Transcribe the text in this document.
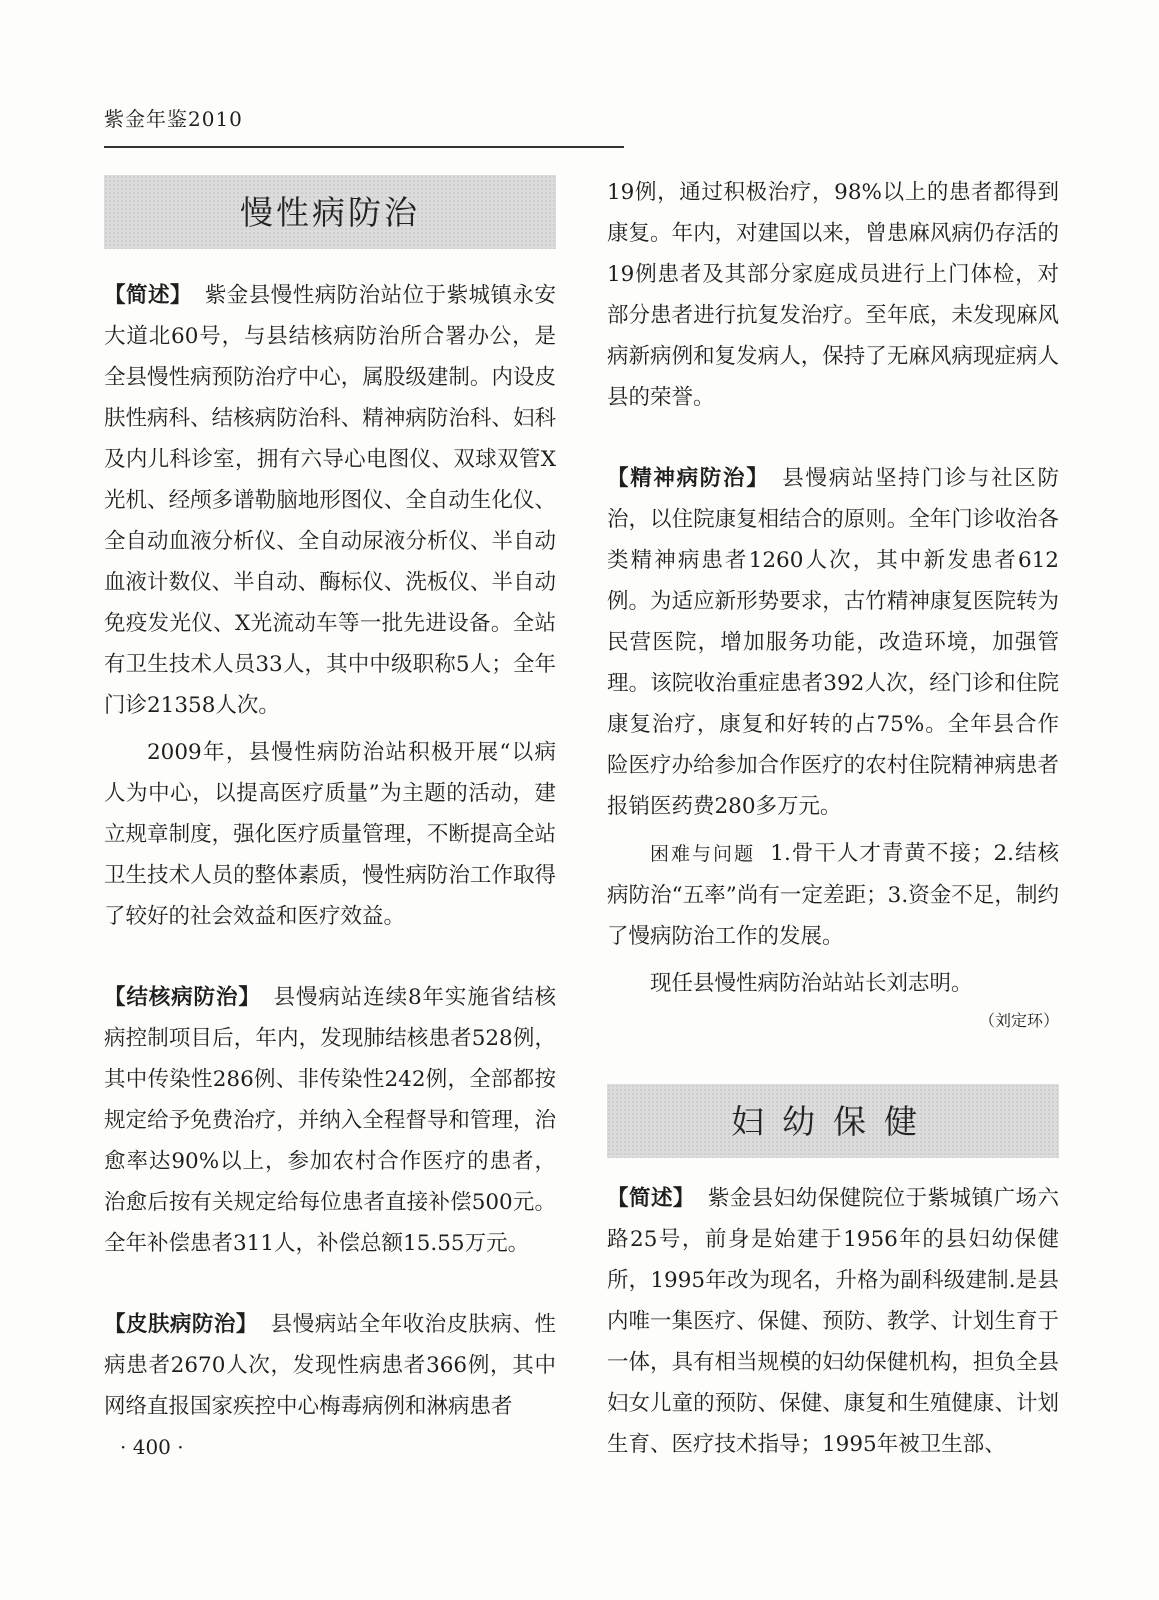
紫金年鉴2010
慢性病防治

【简述】 紫金县慢性病防治站位于紫城镇永安大道北60号，与县结核病防治所合署办公，是全县慢性病预防治疗中心，属股级建制。内设皮肤性病科、结核病防治科、精神病防治科、妇科及内儿科诊室，拥有六导心电图仪、双球双管X光机、经颅多谱勒脑地形图仪、全自动生化仪、全自动血液分析仪、全自动尿液分析仪、半自动血液计数仪、半自动、酶标仪、洗板仪、半自动免疫发光仪、X光流动车等一批先进设备。全站有卫生技术人员33人，其中中级职称5人；全年门诊21358人次。

2009年，县慢性病防治站积极开展“以病人为中心，以提高医疗质量”为主题的活动，建立规章制度，强化医疗质量管理，不断提高全站卫生技术人员的整体素质，慢性病防治工作取得了较好的社会效益和医疗效益。

【结核病防治】 县慢病站连续8年实施省结核病控制项目后，年内，发现肺结核患者528例，其中传染性286例、非传染性242例，全部都按规定给予免费治疗，并纳入全程督导和管理，治愈率达90%以上，参加农村合作医疗的患者，治愈后按有关规定给每位患者直接补偿500元。全年补偿患者311人，补偿总额15.55万元。

【皮肤病防治】 县慢病站全年收治皮肤病、性病患者2670人次，发现性病患者366例，其中网络直报国家疾控中心梅毒病例和淋病患者

· 400 ·

19例，通过积极治疗，98%以上的患者都得到康复。年内，对建国以来，曾患麻风病仍存活的19例患者及其部分家庭成员进行上门体检，对部分患者进行抗复发治疗。至年底，未发现麻风病新病例和复发病人，保持了无麻风病现症病人县的荣誉。

【精神病防治】 县慢病站坚持门诊与社区防治，以住院康复相结合的原则。全年门诊收治各类精神病患者1260人次，其中新发患者612例。为适应新形势要求，古竹精神康复医院转为民营医院，增加服务功能，改造环境，加强管理。该院收治重症患者392人次，经门诊和住院康复治疗，康复和好转的占75%。全年县合作险医疗办给参加合作医疗的农村住院精神病患者报销医药费280多万元。

困难与问题 1.骨干人才青黄不接；2.结核病防治“五率”尚有一定差距；3.资金不足，制约了慢病防治工作的发展。

现任县慢性病防治站站长刘志明。

（刘定环）
妇幼保健

【简述】 紫金县妇幼保健院位于紫城镇广场六路25号，前身是始建于1956年的县妇幼保健所，1995年改为现名，升格为副科级建制.是县内唯一集医疗、保健、预防、教学、计划生育于一体，具有相当规模的妇幼保健机构，担负全县妇女儿童的预防、保健、康复和生殖健康、计划生育、医疗技术指导；1995年被卫生部、
